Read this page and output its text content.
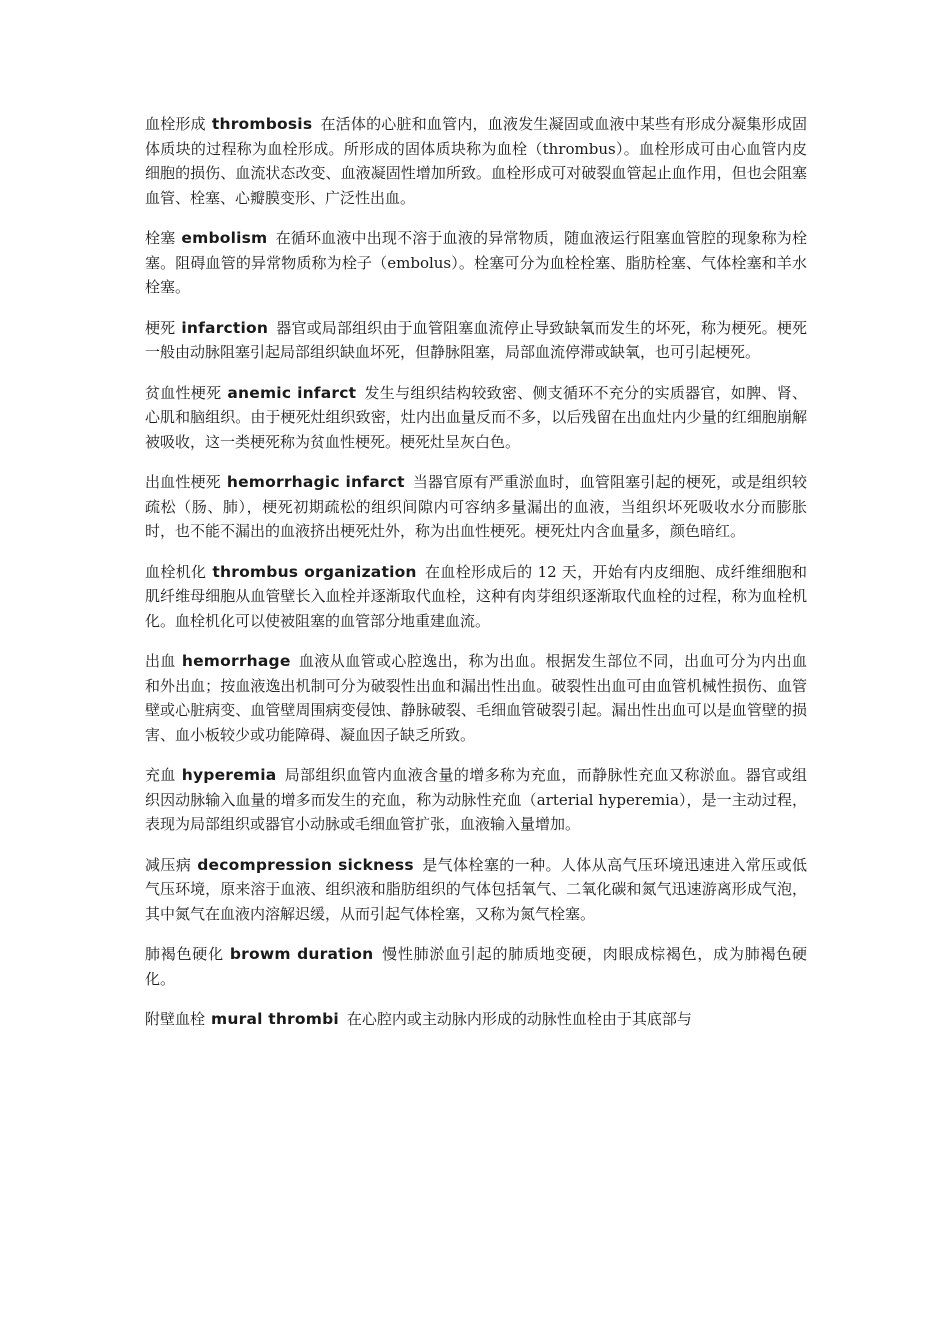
血栓形成 thrombosis 在活体的心脏和血管内，血液发生凝固或血液中某些有形成分凝集形成固体质块的过程称为血栓形成。所形成的固体质块称为血栓（thrombus）。血栓形成可由心血管内皮细胞的损伤、血流状态改变、血液凝固性增加所致。血栓形成可对破裂血管起止血作用，但也会阻塞血管、栓塞、心瓣膜变形、广泛性出血。

栓塞 embolism 在循环血液中出现不溶于血液的异常物质，随血液运行阻塞血管腔的现象称为栓塞。阻碍血管的异常物质称为栓子（embolus）。栓塞可分为血栓栓塞、脂肪栓塞、气体栓塞和羊水栓塞。

梗死 infarction 器官或局部组织由于血管阻塞血流停止导致缺氧而发生的坏死，称为梗死。梗死一般由动脉阻塞引起局部组织缺血坏死，但静脉阻塞，局部血流停滞或缺氧，也可引起梗死。

贫血性梗死 anemic infarct 发生与组织结构较致密、侧支循环不充分的实质器官，如脾、肾、心肌和脑组织。由于梗死灶组织致密，灶内出血量反而不多，以后残留在出血灶内少量的红细胞崩解被吸收，这一类梗死称为贫血性梗死。梗死灶呈灰白色。

出血性梗死 hemorrhagic infarct 当器官原有严重淤血时，血管阻塞引起的梗死，或是组织较疏松（肠、肺），梗死初期疏松的组织间隙内可容纳多量漏出的血液，当组织坏死吸收水分而膨胀时，也不能不漏出的血液挤出梗死灶外，称为出血性梗死。梗死灶内含血量多，颜色暗红。

血栓机化 thrombus organization 在血栓形成后的 12 天，开始有内皮细胞、成纤维细胞和肌纤维母细胞从血管壁长入血栓并逐渐取代血栓，这种有肉芽组织逐渐取代血栓的过程，称为血栓机化。血栓机化可以使被阻塞的血管部分地重建血流。

出血 hemorrhage 血液从血管或心腔逸出，称为出血。根据发生部位不同，出血可分为内出血和外出血；按血液逸出机制可分为破裂性出血和漏出性出血。破裂性出血可由血管机械性损伤、血管壁或心脏病变、血管壁周围病变侵蚀、静脉破裂、毛细血管破裂引起。漏出性出血可以是血管壁的损害、血小板较少或功能障碍、凝血因子缺乏所致。

充血 hyperemia 局部组织血管内血液含量的增多称为充血，而静脉性充血又称淤血。器官或组织因动脉输入血量的增多而发生的充血，称为动脉性充血（arterial hyperemia），是一主动过程，表现为局部组织或器官小动脉或毛细血管扩张，血液输入量增加。

减压病 decompression sickness 是气体栓塞的一种。人体从高气压环境迅速进入常压或低气压环境，原来溶于血液、组织液和脂肪组织的气体包括氧气、二氧化碳和氮气迅速游离形成气泡，其中氮气在血液内溶解迟缓，从而引起气体栓塞，又称为氮气栓塞。

肺褐色硬化 browm duration 慢性肺淤血引起的肺质地变硬，肉眼成棕褐色，成为肺褐色硬化。

附壁血栓 mural thrombi 在心腔内或主动脉内形成的动脉性血栓由于其底部与
